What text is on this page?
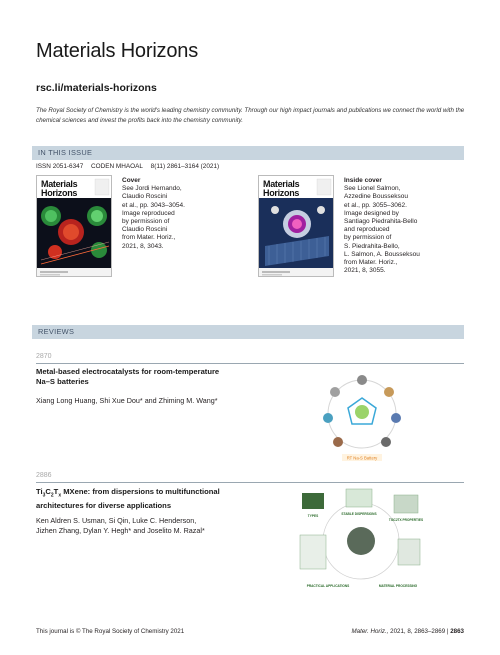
Materials Horizons
rsc.li/materials-horizons
The Royal Society of Chemistry is the world's leading chemistry community. Through our high impact journals and publications we connect the world with the chemical sciences and invest the profits back into the chemistry community.
IN THIS ISSUE
ISSN 2051-6347 CODEN MHAOAL 8(11) 2861–3164 (2021)
Materials
Horizons
Cover
See Jordi Hernando,
Claudio Roscini
et al., pp. 3043–3054.
Image reproduced
by permission of
Claudio Roscini
from Mater. Horiz.,
2021, 8, 3043.
Materials
Horizons
Inside cover
See Lionel Salmon,
Azzedine Bousseksou
et al., pp. 3055–3062.
Image designed by
Santiago Piedrahita-Bello
and reproduced
by permission of
S. Piedrahita-Bello,
L. Salmon, A. Bousseksou
from Mater. Horiz.,
2021, 8, 3055.
REVIEWS
2870
Metal-based electrocatalysts for room-temperature
Na–S batteries
Xiang Long Huang, Shi Xue Dou* and Zhiming M. Wang*
RT Na-S Battery
2886
$Ti_3C_2T_x$ MXene: from dispersions to multifunctional
architectures for diverse applications
Ken Aldren S. Usman, Si Qin, Luke C. Henderson,
Jizhen Zhang, Dylan Y. Hegh* and Joselito M. Razal*
TYPES	STABLE DISPERSIONS
TI3C2TX PROPERTIES
PRACTICAL APPLICATIONS	MATERIAL PROCESSING
This journal is © The Royal Society of Chemistry 2021	Mater. Horiz., 2021, 8, 2863–2869 | 2863
